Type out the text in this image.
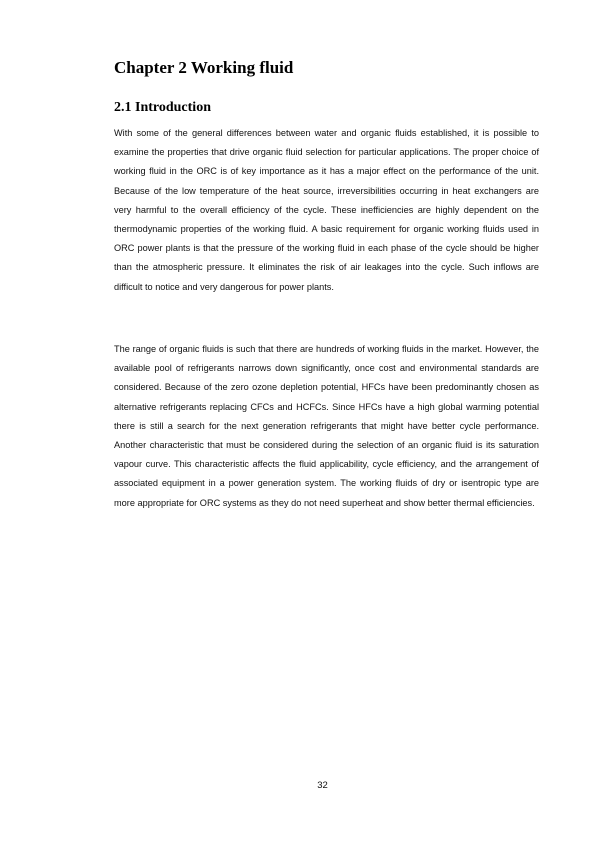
Chapter 2 Working fluid
2.1 Introduction

With some of the general differences between water and organic fluids established, it is possible to examine the properties that drive organic fluid selection for particular applications. The proper choice of working fluid in the ORC is of key importance as it has a major effect on the performance of the unit. Because of the low temperature of the heat source, irreversibilities occurring in heat exchangers are very harmful to the overall efficiency of the cycle. These inefficiencies are highly dependent on the thermodynamic properties of the working fluid. A basic requirement for organic working fluids used in ORC power plants is that the pressure of the working fluid in each phase of the cycle should be higher than the atmospheric pressure. It eliminates the risk of air leakages into the cycle. Such inflows are difficult to notice and very dangerous for power plants.

The range of organic fluids is such that there are hundreds of working fluids in the market. However, the available pool of refrigerants narrows down significantly, once cost and environmental standards are considered. Because of the zero ozone depletion potential, HFCs have been predominantly chosen as alternative refrigerants replacing CFCs and HCFCs. Since HFCs have a high global warming potential there is still a search for the next generation refrigerants that might have better cycle performance. Another characteristic that must be considered during the selection of an organic fluid is its saturation vapour curve. This characteristic affects the fluid applicability, cycle efficiency, and the arrangement of associated equipment in a power generation system. The working fluids of dry or isentropic type are more appropriate for ORC systems as they do not need superheat and show better thermal efficiencies.

32
